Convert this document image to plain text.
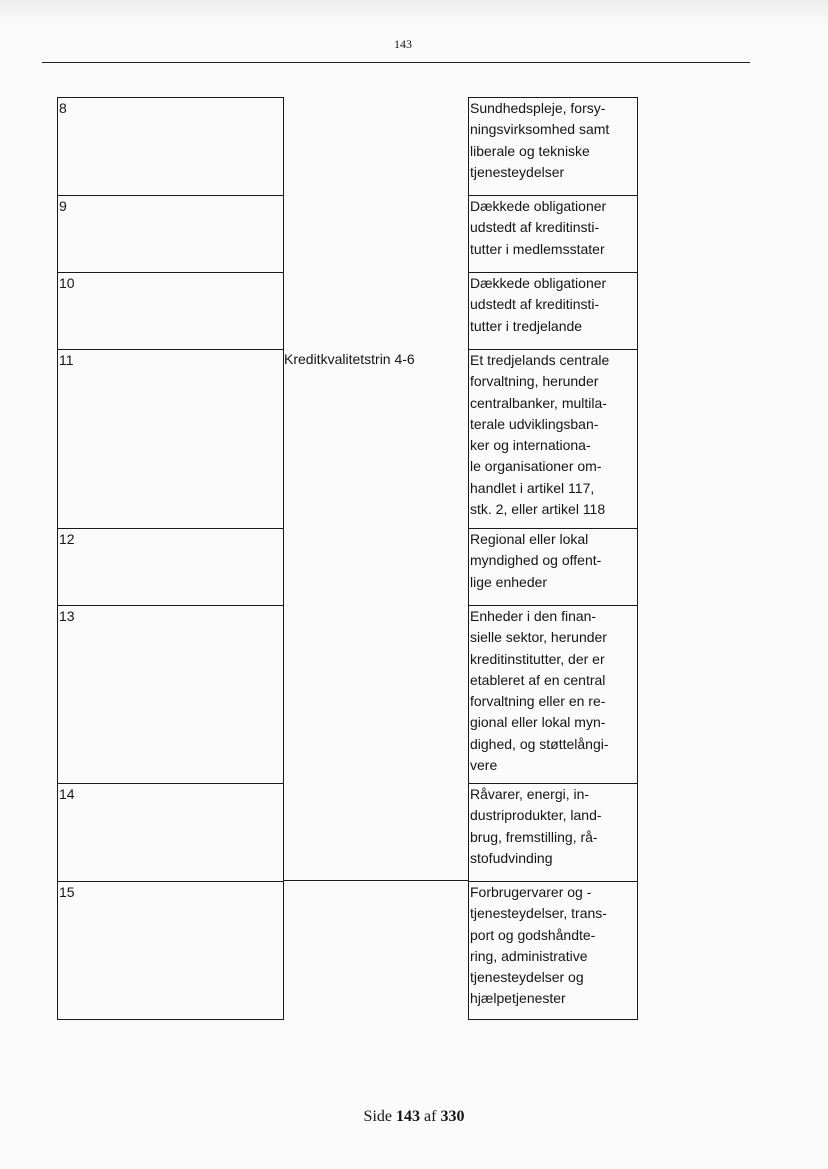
143
8	Sundhedspleje, forsy-
ningsvirksomhed samt
liberale og tekniske
tjenesteydelser
9	Dækkede obligationer
udstedt af kreditinsti-
tutter i medlemsstater
10	Dækkede obligationer
udstedt af kreditinsti-
tutter i tredjelande
11	Kreditkvalitetstrin 4-6	Et tredjelands centrale
forvaltning, herunder
centralbanker, multila-
terale udviklingsban-
ker og internationa-
le organisationer om-
handlet i artikel 117,
stk. 2, eller artikel 118
12	Regional eller lokal
myndighed og offent-
lige enheder
13	Enheder i den finan-
sielle sektor, herunder
kreditinstitutter, der er
etableret af en central
forvaltning eller en re-
gional eller lokal myn-
dighed, og støttelångi-
vere
14	Råvarer, energi, in-
dustriprodukter, land-
brug, fremstilling, rå-
stofudvinding
15	Forbrugervarer og -
tjenesteydelser, trans-
port og godshåndte-
ring, administrative
tjenesteydelser og
hjælpetjenester
Side 143 af 330
